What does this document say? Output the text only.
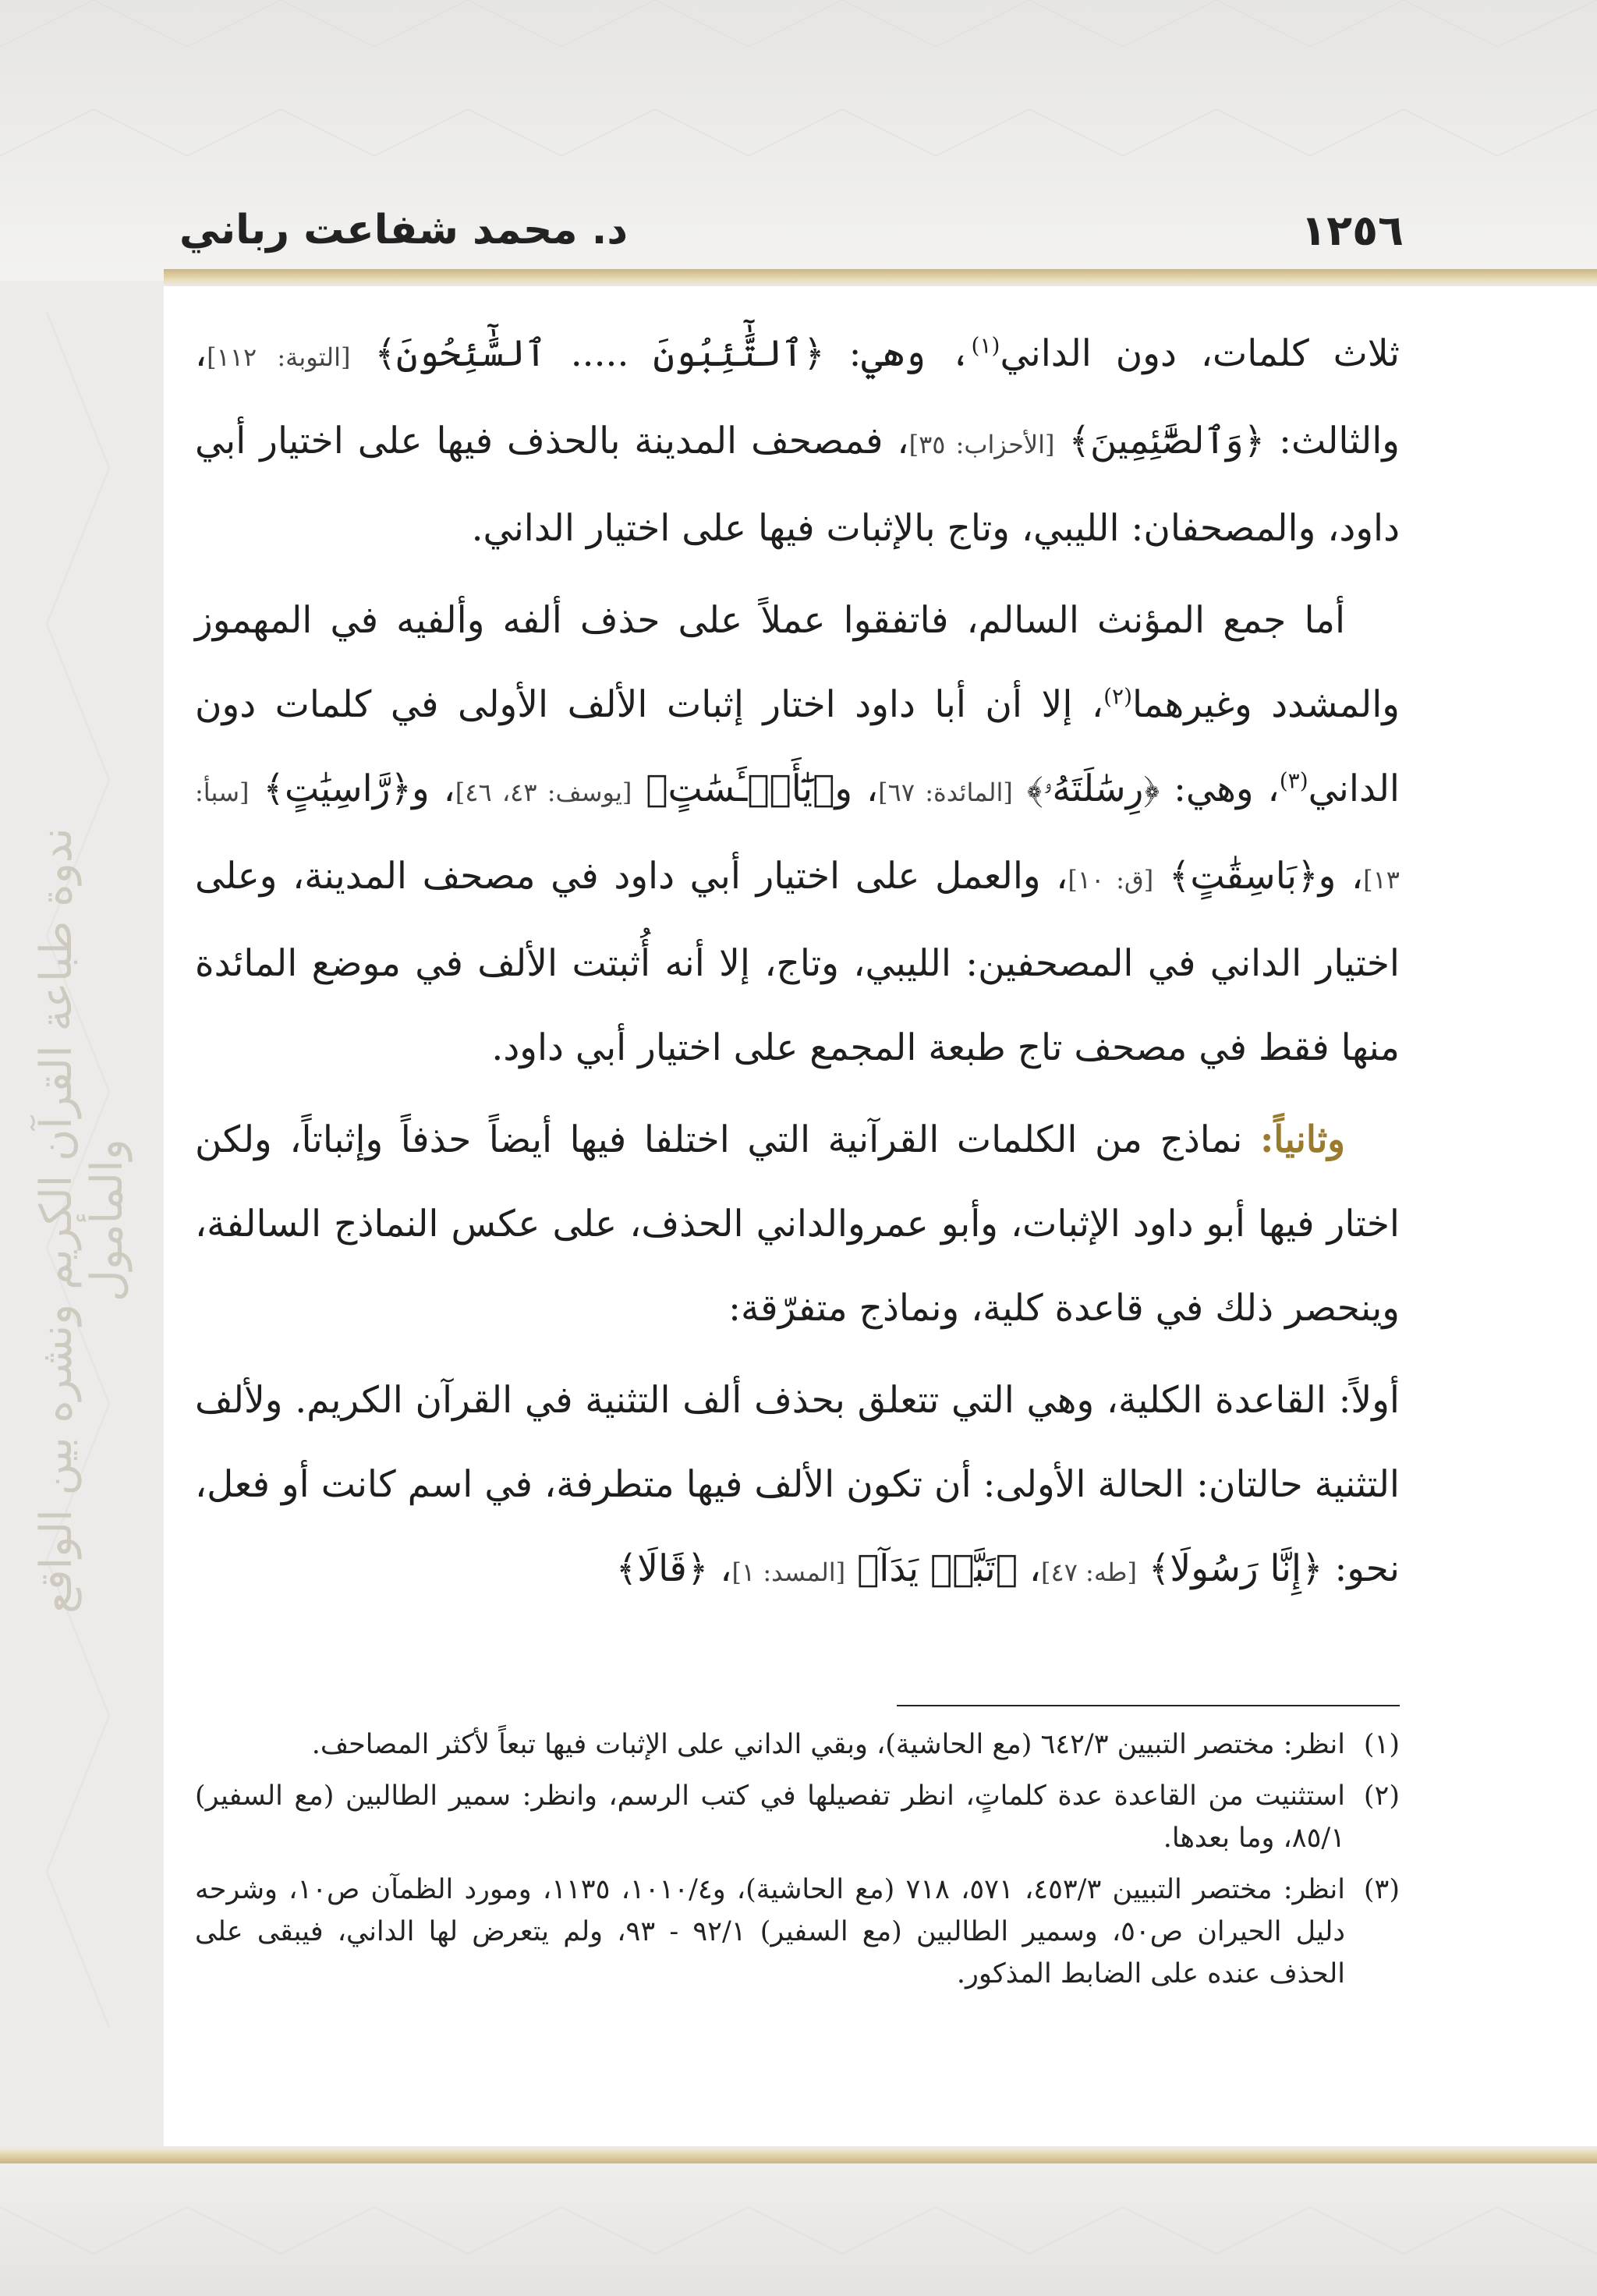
د. محمد شفاعت رباني	١٢٥٦
ندوة طباعة القرآن الكريم ونشره بين الواقع والمأمول

ثلاث كلمات، دون الداني$^{(١)}$، وهي: ﴿ٱلتَّٰٓئِبُونَ ..... ٱلسَّٰٓئِحُونَ﴾ [التوبة: ١١٢]، والثالث: ﴿وَٱلصَّٰٓئِمِينَ﴾ [الأحزاب: ٣٥]، فمصحف المدينة بالحذف فيها على اختيار أبي داود، والمصحفان: الليبي، وتاج بالإثبات فيها على اختيار الداني.

أما جمع المؤنث السالم، فاتفقوا عملاً على حذف ألفه وألفيه في المهموز والمشدد وغيرهما$^{(٢)}$، إلا أن أبا داود اختار إثبات الألف الأولى في كلمات دون الداني$^{(٣)}$، وهي: ﴿رِسَٰلَتَهُۥ﴾ [المائدة: ٦٧]، و﴿يَٰٓأَيۡـَٔسَٰتٍ﴾ [يوسف: ٤٣، ٤٦]، و﴿رَّاسِيَٰتٍ﴾ [سبأ: ١٣]، و﴿بَاسِقَٰتٍ﴾ [ق: ١٠]، والعمل على اختيار أبي داود في مصحف المدينة، وعلى اختيار الداني في المصحفين: الليبي، وتاج، إلا أنه أُثبتت الألف في موضع المائدة منها فقط في مصحف تاج طبعة المجمع على اختيار أبي داود.

وثانياً: نماذج من الكلمات القرآنية التي اختلفا فيها أيضاً حذفاً وإثباتاً، ولكن اختار فيها أبو داود الإثبات، وأبو عمروالداني الحذف، على عكس النماذج السالفة، وينحصر ذلك في قاعدة كلية، ونماذج متفرّقة:

أولاً: القاعدة الكلية، وهي التي تتعلق بحذف ألف التثنية في القرآن الكريم. ولألف التثنية حالتان: الحالة الأولى: أن تكون الألف فيها متطرفة، في اسم كانت أو فعل، نحو: ﴿إِنَّا رَسُولَا﴾ [طه: ٤٧]، ﴿تَبَّتۡ يَدَآ﴾ [المسد: ١]، ﴿قَالَا﴾

(١)
انظر: مختصر التبيين ٦٤٢/٣ (مع الحاشية)، وبقي الداني على الإثبات فيها تبعاً لأكثر المصاحف.
(٢)
استثنيت من القاعدة عدة كلماتٍ، انظر تفصيلها في كتب الرسم، وانظر: سمير الطالبين (مع السفير) ٨٥/١، وما بعدها.
(٣)
انظر: مختصر التبيين ٤٥٣/٣، ٥٧١، ٧١٨ (مع الحاشية)، و١٠١٠/٤، ١١٣٥، ومورد الظمآن ص١٠، وشرحه دليل الحيران ص٥٠، وسمير الطالبين (مع السفير) ٩٢/١ - ٩٣، ولم يتعرض لها الداني، فيبقى على الحذف عنده على الضابط المذكور.
